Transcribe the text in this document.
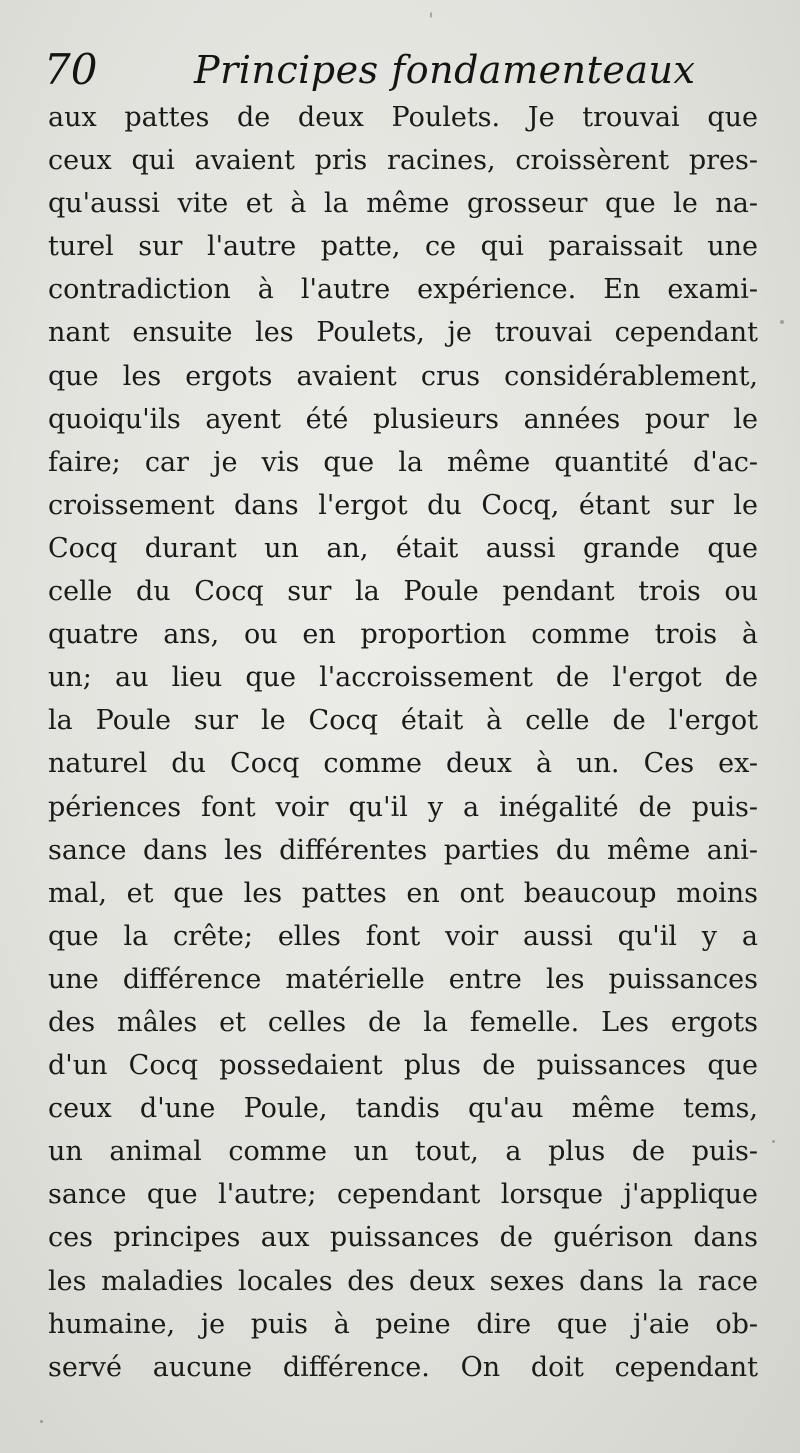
70	Principes fondamenteaux
aux pattes de deux Poulets. Je trouvai que
ceux qui avaient pris racines, croissèrent pres-
qu'aussi vite et à la même grosseur que le na-
turel sur l'autre patte, ce qui paraissait une
contradiction à l'autre expérience. En exami-
nant ensuite les Poulets, je trouvai cependant
que les ergots avaient crus considérablement,
quoiqu'ils ayent été plusieurs années pour le
faire; car je vis que la même quantité d'ac-
croissement dans l'ergot du Cocq, étant sur le
Cocq durant un an, était aussi grande que
celle du Cocq sur la Poule pendant trois ou
quatre ans, ou en proportion comme trois à
un; au lieu que l'accroissement de l'ergot de
la Poule sur le Cocq était à celle de l'ergot
naturel du Cocq comme deux à un. Ces ex-
périences font voir qu'il y a inégalité de puis-
sance dans les différentes parties du même ani-
mal, et que les pattes en ont beaucoup moins
que la crête; elles font voir aussi qu'il y a
une différence matérielle entre les puissances
des mâles et celles de la femelle. Les ergots
d'un Cocq possedaient plus de puissances que
ceux d'une Poule, tandis qu'au même tems,
un animal comme un tout, a plus de puis-
sance que l'autre; cependant lorsque j'applique
ces principes aux puissances de guérison dans
les maladies locales des deux sexes dans la race
humaine, je puis à peine dire que j'aie ob-
servé aucune différence. On doit cependant
